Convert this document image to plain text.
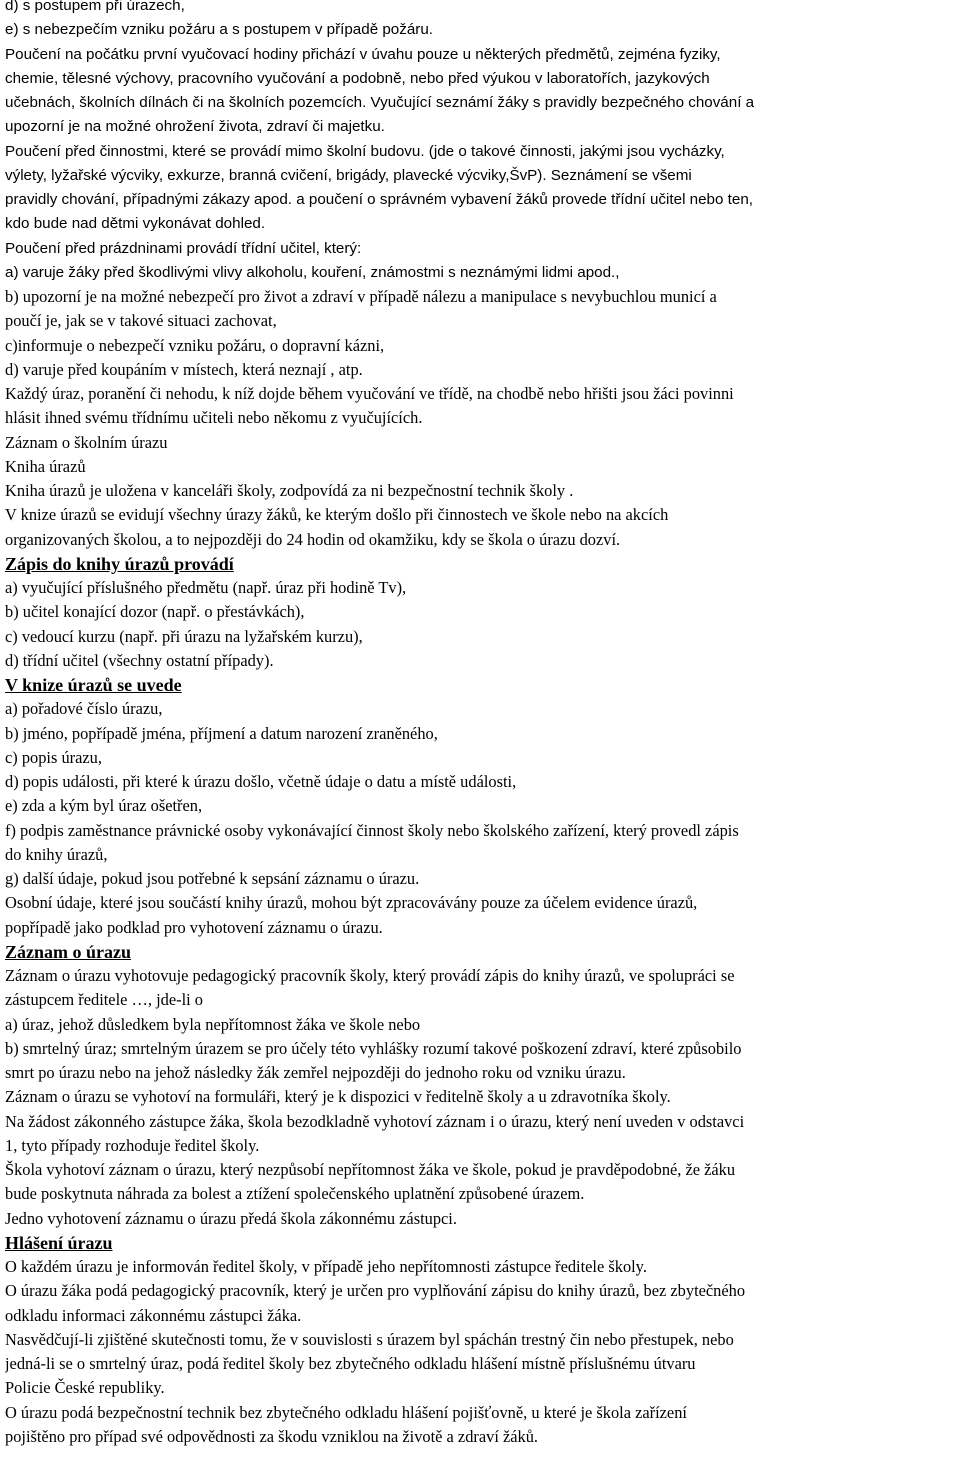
d) s postupem při úrazech,
e) s nebezpečím vzniku požáru a s postupem v případě požáru.
Poučení na počátku první vyučovací hodiny přichází v úvahu pouze u některých předmětů, zejména fyziky,
chemie, tělesné výchovy, pracovního vyučování a podobně, nebo před výukou v laboratořích, jazykových
učebnách, školních dílnách či na školních pozemcích. Vyučující seznámí žáky s pravidly bezpečného chování a
upozorní je na možné ohrožení života, zdraví či majetku.
Poučení před činnostmi, které se provádí mimo školní budovu. (jde o takové činnosti, jakými jsou vycházky,
výlety, lyžařské výcviky, exkurze, branná cvičení, brigády, plavecké výcviky,ŠvP). Seznámení se všemi
pravidly chování, případnými zákazy apod. a poučení o správném vybavení žáků provede třídní učitel nebo ten,
kdo bude nad dětmi vykonávat dohled.
Poučení před prázdninami provádí třídní učitel, který:
a) varuje žáky před škodlivými vlivy alkoholu, kouření, známostmi s neznámými lidmi apod.,
b) upozorní je na možné nebezpečí pro život a zdraví v případě nálezu a manipulace s nevybuchlou municí a
poučí je, jak se v takové situaci zachovat,
c)informuje o nebezpečí vzniku požáru, o dopravní kázni,
d) varuje před koupáním v místech, která neznají , atp.
Každý úraz, poranění či nehodu, k níž dojde během vyučování ve třídě, na chodbě nebo hřišti jsou žáci povinni
hlásit ihned svému třídnímu učiteli nebo někomu z vyučujících.
Záznam o školním úrazu
Kniha úrazů
Kniha úrazů je uložena v kanceláři školy, zodpovídá za ni bezpečnostní technik školy .
V knize úrazů se evidují všechny úrazy žáků, ke kterým došlo při činnostech ve škole nebo na akcích
organizovaných školou, a to nejpozději do 24 hodin od okamžiku, kdy se škola o úrazu dozví.
Zápis do knihy úrazů provádí
a) vyučující příslušného předmětu (např. úraz při hodině Tv),
b) učitel konající dozor (např. o přestávkách),
c) vedoucí kurzu (např. při úrazu na lyžařském kurzu),
d) třídní učitel (všechny ostatní případy).
V knize úrazů se uvede
a) pořadové číslo úrazu,
b) jméno, popřípadě jména, příjmení a datum narození zraněného,
c) popis úrazu,
d) popis události, při které k úrazu došlo, včetně údaje o datu a místě události,
e) zda a kým byl úraz ošetřen,
f) podpis zaměstnance právnické osoby vykonávající činnost školy nebo školského zařízení, který provedl zápis
do knihy úrazů,
g) další údaje, pokud jsou potřebné k sepsání záznamu o úrazu.
Osobní údaje, které jsou součástí knihy úrazů, mohou být zpracovávány pouze za účelem evidence úrazů,
popřípadě jako podklad pro vyhotovení záznamu o úrazu.
Záznam o úrazu
Záznam o úrazu vyhotovuje pedagogický pracovník školy, který provádí zápis do knihy úrazů, ve spolupráci se
zástupcem ředitele …, jde-li o
a) úraz, jehož důsledkem byla nepřítomnost žáka ve škole nebo
b) smrtelný úraz; smrtelným úrazem se pro účely této vyhlášky rozumí takové poškození zdraví, které způsobilo
smrt po úrazu nebo na jehož následky žák zemřel nejpozději do jednoho roku od vzniku úrazu.
Záznam o úrazu se vyhotoví na formuláři, který je k dispozici v ředitelně školy a u zdravotníka školy.
Na žádost zákonného zástupce žáka, škola bezodkladně vyhotoví záznam i o úrazu, který není uveden v odstavci
1, tyto případy rozhoduje ředitel školy.
Škola vyhotoví záznam o úrazu, který nezpůsobí nepřítomnost žáka ve škole, pokud je pravděpodobné, že žáku
bude poskytnuta náhrada za bolest a ztížení společenského uplatnění způsobené úrazem.
Jedno vyhotovení záznamu o úrazu předá škola zákonnému zástupci.
Hlášení úrazu
O každém úrazu je informován ředitel školy, v případě jeho nepřítomnosti zástupce ředitele školy.
O úrazu žáka podá pedagogický pracovník, který je určen pro vyplňování zápisu do knihy úrazů, bez zbytečného
odkladu informaci zákonnému zástupci žáka.
Nasvědčují-li zjištěné skutečnosti tomu, že v souvislosti s úrazem byl spáchán trestný čin nebo přestupek, nebo
jedná-li se o smrtelný úraz, podá ředitel školy bez zbytečného odkladu hlášení místně příslušnému útvaru
Policie České republiky.
O úrazu podá bezpečnostní technik bez zbytečného odkladu hlášení pojišťovně, u které je škola zařízení
pojištěno pro případ své odpovědnosti za škodu vzniklou na životě a zdraví žáků.
